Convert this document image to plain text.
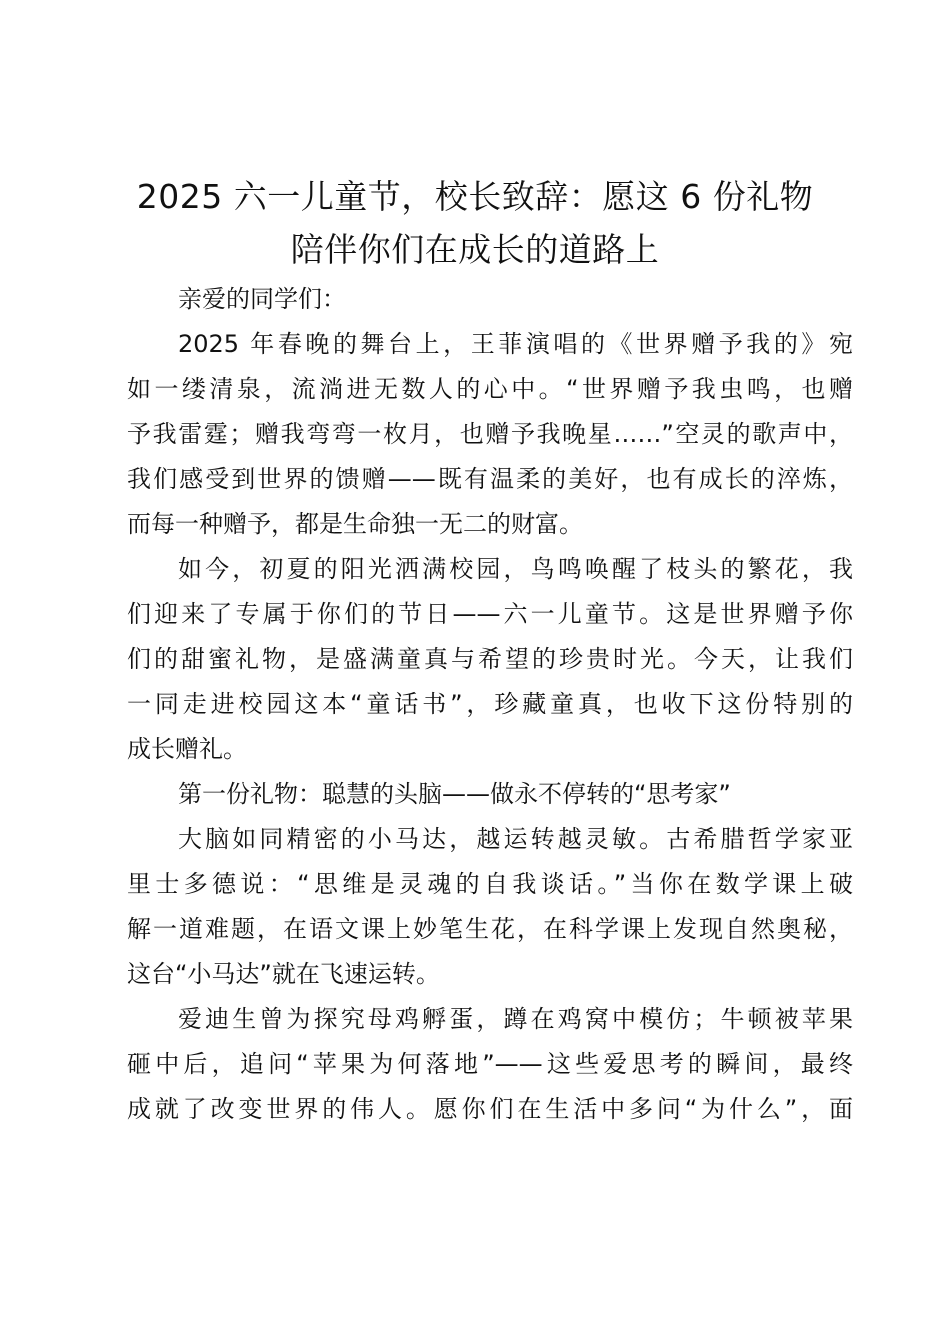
2025 六一儿童节，校长致辞：愿这 6 份礼物
陪伴你们在成长的道路上
亲爱的同学们：
2025 年春晚的舞台上，王菲演唱的《世界赠予我的》宛
如一缕清泉，流淌进无数人的心中。“世界赠予我虫鸣，也赠
予我雷霆；赠我弯弯一枚月，也赠予我晚星……”空灵的歌声中，
我们感受到世界的馈赠——既有温柔的美好，也有成长的淬炼，
而每一种赠予，都是生命独一无二的财富。
如今，初夏的阳光洒满校园，鸟鸣唤醒了枝头的繁花，我
们迎来了专属于你们的节日——六一儿童节。这是世界赠予你
们的甜蜜礼物，是盛满童真与希望的珍贵时光。今天，让我们
一同走进校园这本“童话书”，珍藏童真，也收下这份特别的
成长赠礼。
第一份礼物：聪慧的头脑——做永不停转的“思考家”
大脑如同精密的小马达，越运转越灵敏。古希腊哲学家亚
里士多德说：“思维是灵魂的自我谈话。”当你在数学课上破
解一道难题，在语文课上妙笔生花，在科学课上发现自然奥秘，
这台“小马达”就在飞速运转。
爱迪生曾为探究母鸡孵蛋，蹲在鸡窝中模仿；牛顿被苹果
砸中后，追问“苹果为何落地”——这些爱思考的瞬间，最终
成就了改变世界的伟人。愿你们在生活中多问“为什么”，面
